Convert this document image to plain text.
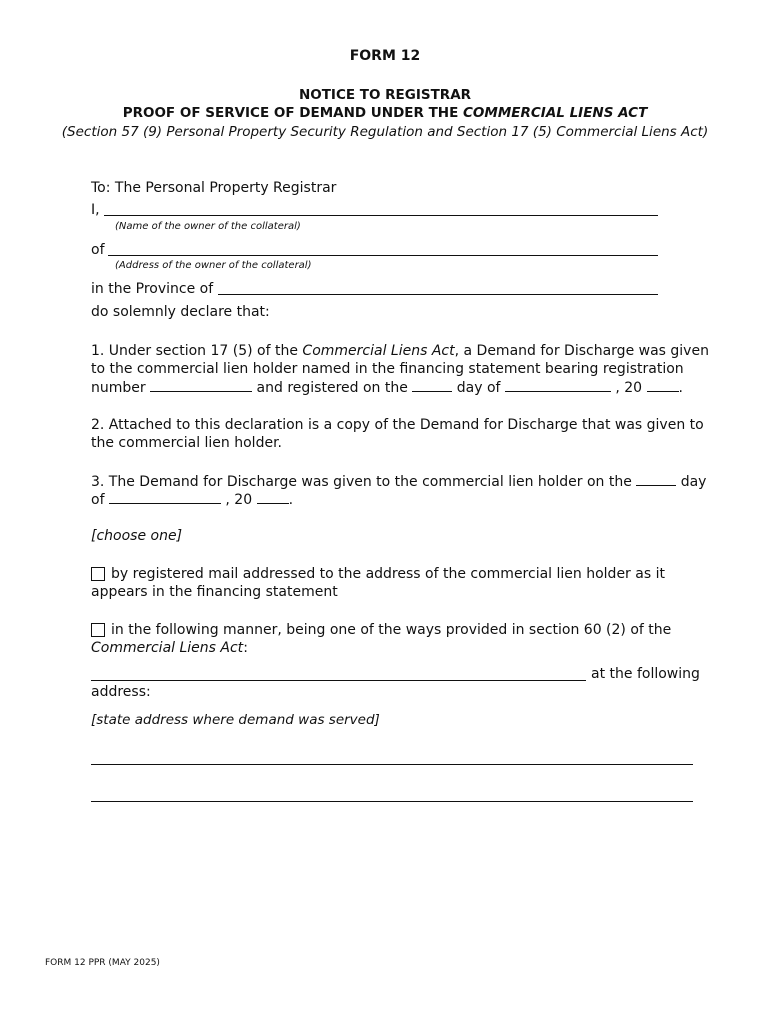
FORM 12
NOTICE TO REGISTRAR
PROOF OF SERVICE OF DEMAND UNDER THE COMMERCIAL LIENS ACT
(Section 57 (9) Personal Property Security Regulation and Section 17 (5) Commercial Liens Act)
To: The Personal Property Registrar
I,
(Name of the owner of the collateral)
of
(Address of the owner of the collateral)
in the Province of
do solemnly declare that:
1. Under section 17 (5) of the Commercial Liens Act, a Demand for Discharge was given to the commercial lien holder named in the financing statement bearing registration
number	and registered on the	day of	, 20	.
2. Attached to this declaration is a copy of the Demand for Discharge that was given to the commercial lien holder.
3. The Demand for Discharge was given to the commercial lien holder on the	day
of	, 20	.
[choose one]
by registered mail addressed to the address of the commercial lien holder as it appears in the financing statement
in the following manner, being one of the ways provided in section 60 (2) of the Commercial Liens Act:
at the following
address:
[state address where demand was served]
FORM 12 PPR (MAY 2025)
